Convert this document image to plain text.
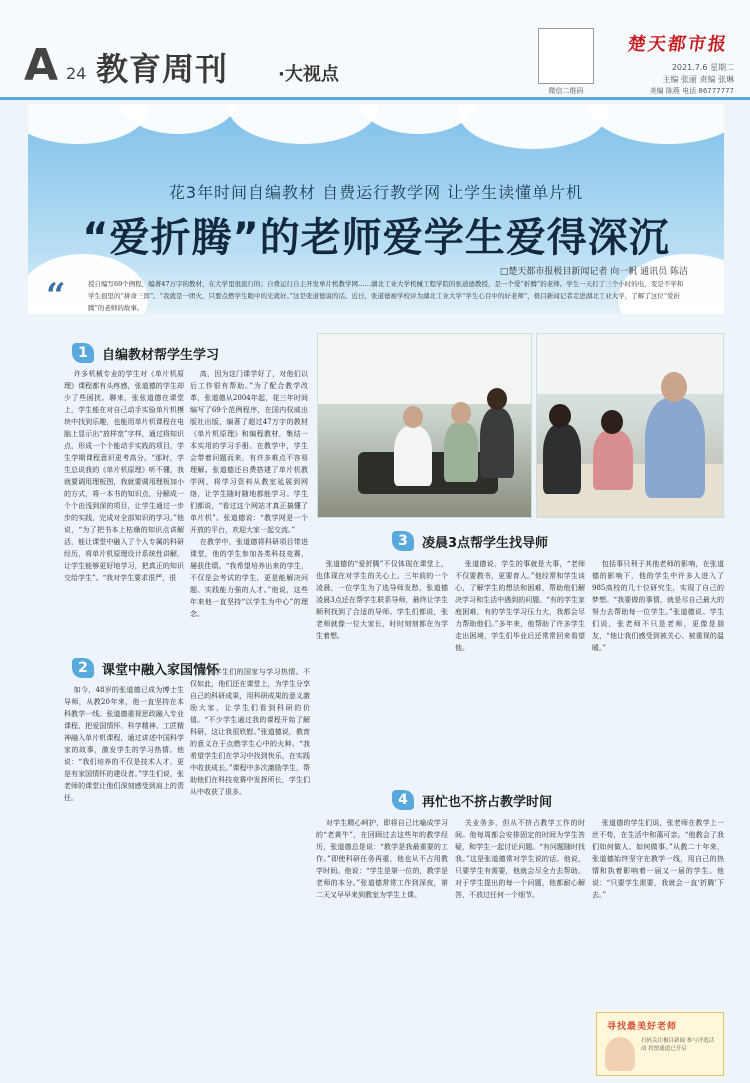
A 24 教育周刊	·大视点
微信二维码
楚天都市报
2021.7.6 星期二
主编 张丽 责编 张琳
美编 陈燕 电话 86777777
花3年时间自编教材 自费运行教学网 让学生读懂单片机
“爱折腾”的老师爱学生爱得深沉
□楚天都市报极目新闻记者 向一帆 通讯员 陈洁
“	授自编写69个例程，编著47万字的教材，在大学里很流行的；自费运行自主开发单片机教学网……湖北工业大学机械工程学院的张道德教授，是一个爱“折腾”的老师。学生一天打了三个小时的电，变是不学和学生很里的“拼命三郎”。“我就是一团火，只要点燃学生眼中的光就好。”这是张道德说的话。近日，张道德被学校评为湖北工业大学“学生心目中的好老师”，极目新闻记者走进湖北工业大学，了解了这位“爱折腾”的老师的故事。
1	自编教材帮学生学习

许多机械专业的学生对《单片机原理》课程都有头疼感，张道德的学生却少了些困扰。聊来，张张道德在课堂上，学生能在对自己动手实验单片机模块中找到乐趣，也能用单片机课程在电脑上显示出“放样宽”字样，通过将知识点，形成一个个能动手实践的项目，学生学期课程意识更考高分。“那时，学生总说我的《单片机原理》听不懂，我就要调用理板图，我就要调用理板加小的方式，将一本书的知识点，分解成一个个由浅到深的项目，让学生通过一步步的实践，完成对全部知识的学习。”他说，“为了把书本上枯燥的知识点讲解活，能让课堂中融入了个人专属的科研经历，将单片机原理设计系统性讲解，让学生能够更好地学习，把真正的知识交给学生”。“我对学生要求很严，很

高，因为这门课学好了，对他们以后工作很有帮助。”为了配合教学改革，张道德从2004年起，花三年时间编写了69个范例程序，在国内权威出版社出版，编著了超过47万字的教材《单片机原理》和编程教材，集结一本实用的学习手册。在教学中，学生会带着问题而来，有许多难点不容易理解。张道德还自费搭建了单片机教学网，将学习资料从教室延展到网络，让学生随时随地都能学习。学生们都说，“看过这个网站才真正搞懂了单片机”。张道德说：“教学网是一个开放的平台，欢迎大家一起交流。”

在教学中，张道德将科研项目带进课堂，他的学生参加各类科技竞赛，屡获佳绩。“我希望培养出来的学生，不仅是会考试的学生，更是能解决问题、实践能力强的人才。”他说，这些年来他一直坚持“以学生为中心”的理念。

2	课堂中融入家国情怀

如今，48岁的张道德已成为博士生导师，从教20年来，他一直坚持在本科教学一线。张道德重视思政融入专业课程，把爱国情怀、科学精神、工匠精神融入单片机课程，通过讲述中国科学家的故事，激发学生的学习热情。他说：“我们培养的不仅是技术人才，更是有家国情怀的建设者。”学生们说，张老师的课堂让他们深刻感受到肩上的责任。

教育学生们的国家与学习热情。不仅如此，他们还在课堂上，为学生分享自己的科研成果，用科研成果的意义激励大家，让学生们看到科研的价值。“不少学生通过我的课程开始了解科研，这让我很欣慰。”张道德说，教育的意义在于点燃学生心中的火种。“我希望学生们在学习中找到快乐，在实践中收获成长。”课程中多次激励学生，帮助他们在科技竞赛中发挥所长，学生们从中收获了很多。

3	凌晨3点帮学生找导师

张道德的“爱折腾”不仅体现在课堂上，也体现在对学生的关心上。三年前的一个凌晨，一位学生为了选导师发愁，张道德凌晨3点还在帮学生联系导师，最终让学生顺利找到了合适的导师。学生们都说，张老师就像一位大家长，时时刻刻都在为学生着想。

张道德说，学生的事就是大事，“老师不仅要教书，更要育人。”他经常和学生谈心，了解学生的想法和困难，帮助他们解决学习和生活中遇到的问题。“有的学生家庭困难，有的学生学习压力大，我都会尽力帮助他们。”多年来，他帮助了许多学生走出困境，学生们毕业后还常常回来看望他。

包括事只利于其他老师的影响，在张道德的影响下，他的学生中许多人进入了985高校的几十位研究生，实现了自己的梦想。“我要做的事情，就是尽自己最大的努力去帮助每一位学生。”张道德说。学生们说，张老师不只是老师，更像是朋友，“他让我们感受到被关心、被重视的温暖。”

4	再忙也不挤占教学时间

对学生精心呵护，即将自己比喻成学习的“老黄牛”，在回顾过去这些年的教学经历，张道德总是说：“教学是我最重要的工作。”即使科研任务再重，他也从不占用教学时间。他说：“学生是第一位的，教学是老师的本分。”张道德常常工作到深夜，第二天又早早来到教室为学生上课。

关业务多，但从不挤占教学工作的时间。他每周都会安排固定的时间为学生答疑，和学生一起讨论问题。“有问题随时找我。”这是张道德常对学生说的话。他说，只要学生有需要，他就会尽全力去帮助。对于学生提出的每一个问题，他都耐心解答，不放过任何一个细节。

张道德的学生们说，张老师在教学上一丝不苟，在生活中和蔼可亲。“他教会了我们如何做人、如何做事。”从教二十年来，张道德始终坚守在教学一线，用自己的热情和执着影响着一届又一届的学生。他说：“只要学生需要，我就会一直‘折腾’下去。”

寻找最美好老师
扫码关注极目新闻 参与评选活动 投票通道已开启
